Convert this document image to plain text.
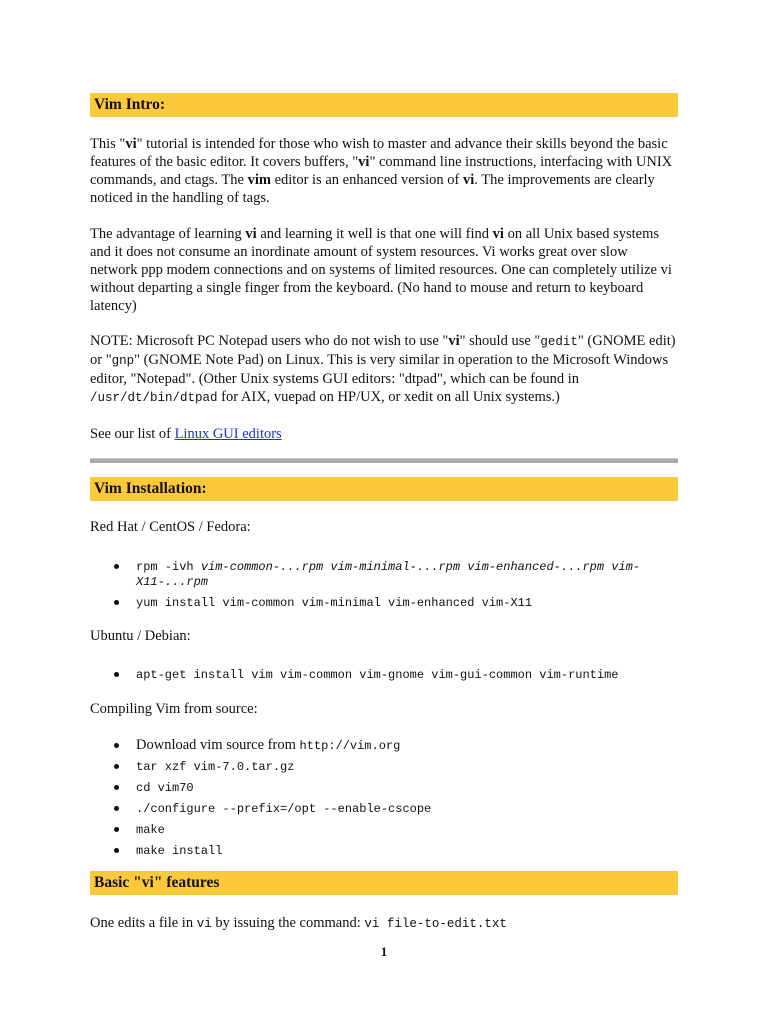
Vim Intro:

This "vi" tutorial is intended for those who wish to master and advance their skills beyond the basic features of the basic editor. It covers buffers, "vi" command line instructions, interfacing with UNIX commands, and ctags. The vim editor is an enhanced version of vi. The improvements are clearly noticed in the handling of tags.

The advantage of learning vi and learning it well is that one will find vi on all Unix based systems and it does not consume an inordinate amount of system resources. Vi works great over slow network ppp modem connections and on systems of limited resources. One can completely utilize vi without departing a single finger from the keyboard. (No hand to mouse and return to keyboard latency)

NOTE: Microsoft PC Notepad users who do not wish to use "vi" should use "gedit" (GNOME edit) or "gnp" (GNOME Note Pad) on Linux. This is very similar in operation to the Microsoft Windows editor, "Notepad". (Other Unix systems GUI editors: "dtpad", which can be found in /usr/dt/bin/dtpad for AIX, vuepad on HP/UX, or xedit on all Unix systems.)

See our list of Linux GUI editors

Vim Installation:

Red Hat / CentOS / Fedora:

rpm -ivh vim-common-...rpm vim-minimal-...rpm vim-enhanced-...rpm vim-X11-...rpm
yum install vim-common vim-minimal vim-enhanced vim-X11

Ubuntu / Debian:

apt-get install vim vim-common vim-gnome vim-gui-common vim-runtime

Compiling Vim from source:

Download vim source from http://vim.org
tar xzf vim-7.0.tar.gz
cd vim70
./configure --prefix=/opt --enable-cscope
make
make install
Basic "vi" features

One edits a file in vi by issuing the command: vi file-to-edit.txt

1
